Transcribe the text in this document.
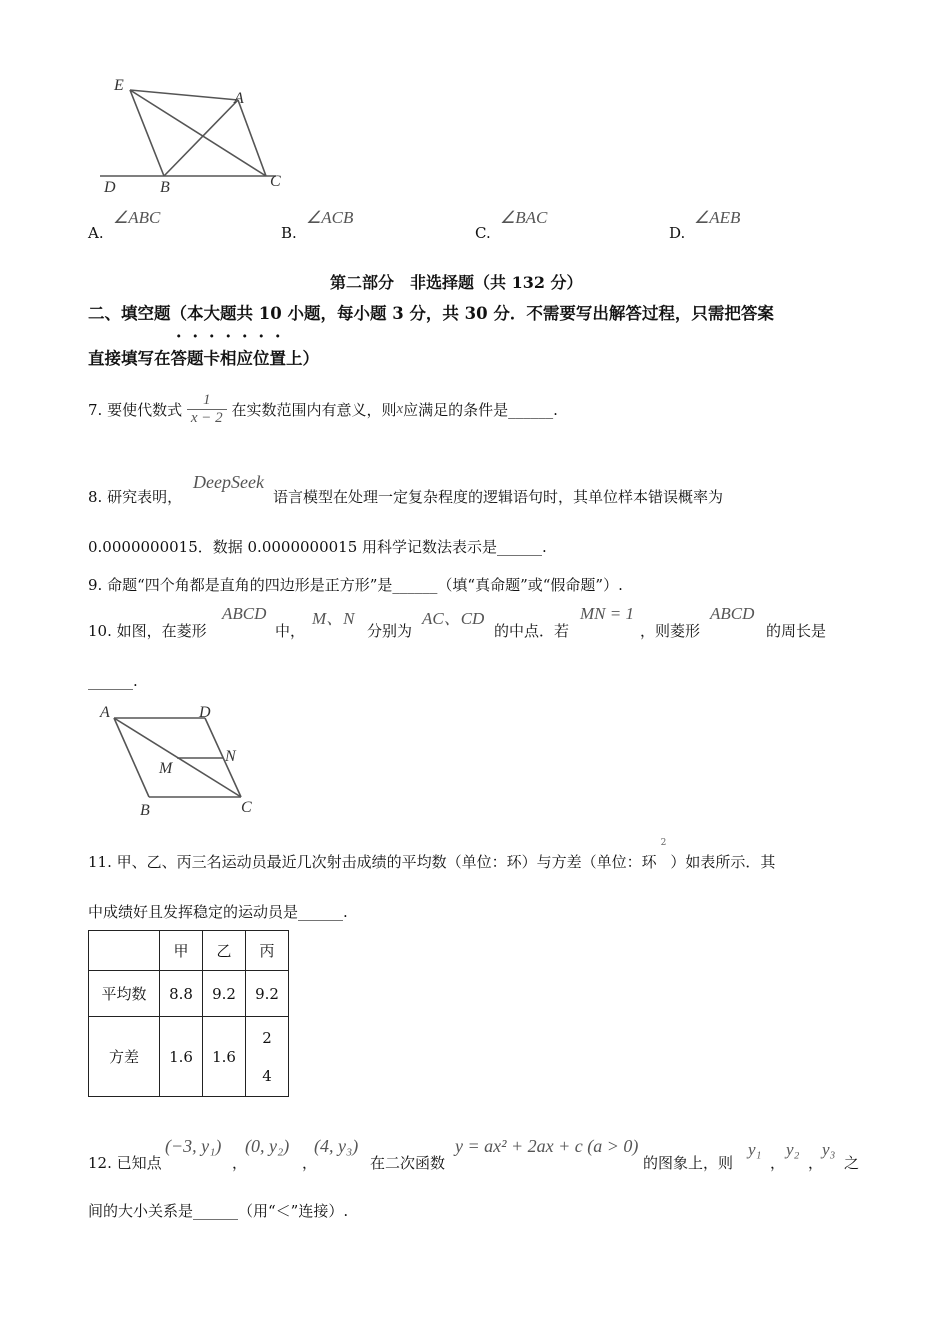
E
A
D	B	C
A.
∠ABC
B.
∠ACB
C.
∠BAC
D.
∠AEB
第二部分　非选择题（共 132 分）
二、填空题（本大题共 10 小题，每小题 3 分，共 30 分．不需要写出解答过程，只需把答案
直接填写在答题卡相应位置上）
7. 要使代数式 $\frac{1}{x - 2}$ 在实数范围内有意义，则x应满足的条件是______.
8. 研究表明，
DeepSeek
语言模型在处理一定复杂程度的逻辑语句时，其单位样本错误概率为
0.0000000015．数据 0.0000000015 用科学记数法表示是______.
9. 命题“四个角都是直角的四边形是正方形”是______（填“真命题”或“假命题”）.
10. 如图，在菱形
ABCD
中，
M、N
分别为
AC、CD
的中点．若
MN = 1
，则菱形
ABCD
的周长是
______.
A	D
N
M
B	C
11. 甲、乙、丙三名运动员最近几次射击成绩的平均数（单位：环）与方差（单位：环$^2$）如表所示．其
中成绩好且发挥稳定的运动员是______.
	甲	乙	丙
平均数	8.8	9.2	9.2
方差	1.6	1.6	2
4
12. 已知点
(−3, y₁)
，
(0, y₂)
，
(4, y₃)
在二次函数
y = ax² + 2ax + c (a > 0)
的图象上，则
y₁
，
y₂
，
y₃
之
间的大小关系是______（用“＜”连接）.
